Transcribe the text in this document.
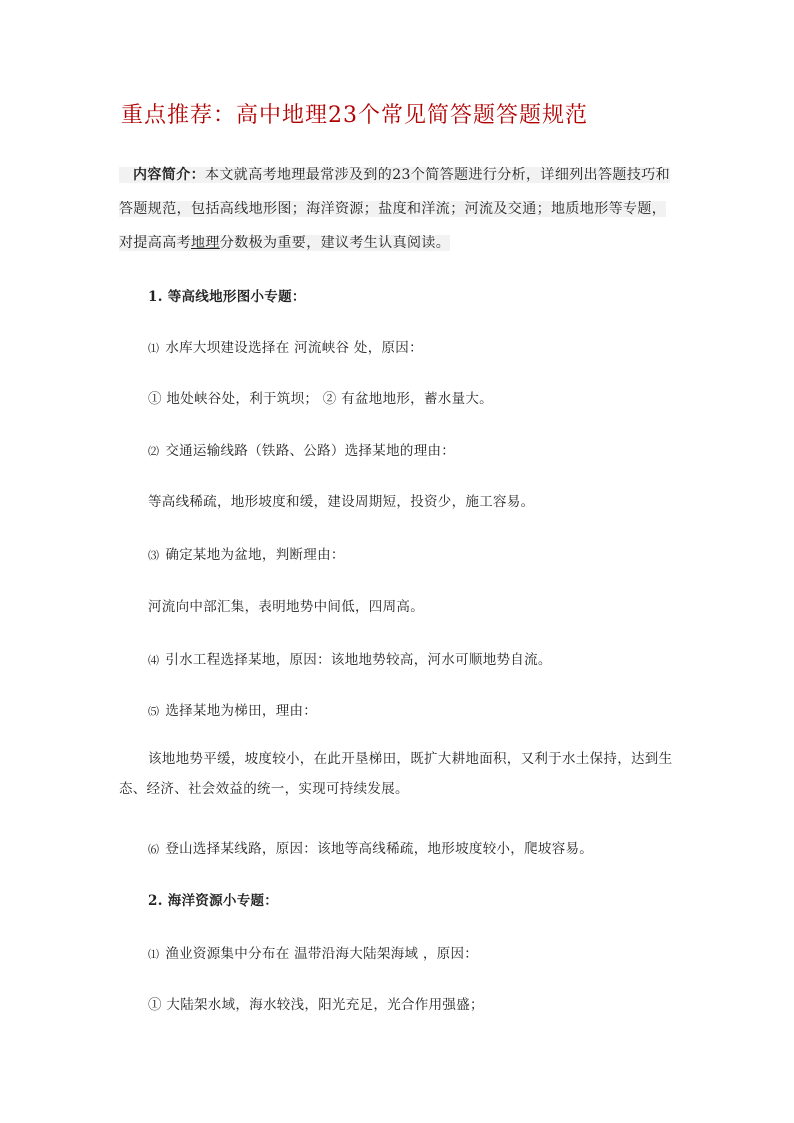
重点推荐：高中地理23个常见简答题答题规范
内容简介：本文就高考地理最常涉及到的23个简答题进行分析，详细列出答题技巧和答题规范，包括高线地形图；海洋资源；盐度和洋流；河流及交通；地质地形等专题，对提高高考地理分数极为重要，建议考生认真阅读。
1. 等高线地形图小专题：
⑴ 水库大坝建设选择在 河流峡谷 处，原因：
① 地处峡谷处，利于筑坝； ② 有盆地地形，蓄水量大。
⑵ 交通运输线路（铁路、公路）选择某地的理由：
等高线稀疏，地形坡度和缓，建设周期短，投资少，施工容易。
⑶ 确定某地为盆地，判断理由：
河流向中部汇集，表明地势中间低，四周高。
⑷ 引水工程选择某地，原因：该地地势较高，河水可顺地势自流。
⑸ 选择某地为梯田，理由：
该地地势平缓，坡度较小，在此开垦梯田，既扩大耕地面积，又利于水土保持，达到生态、经济、社会效益的统一，实现可持续发展。
⑹ 登山选择某线路，原因：该地等高线稀疏，地形坡度较小，爬坡容易。
2. 海洋资源小专题：
⑴ 渔业资源集中分布在 温带沿海大陆架海域 ，原因：
① 大陆架水域，海水较浅，阳光充足，光合作用强盛；
